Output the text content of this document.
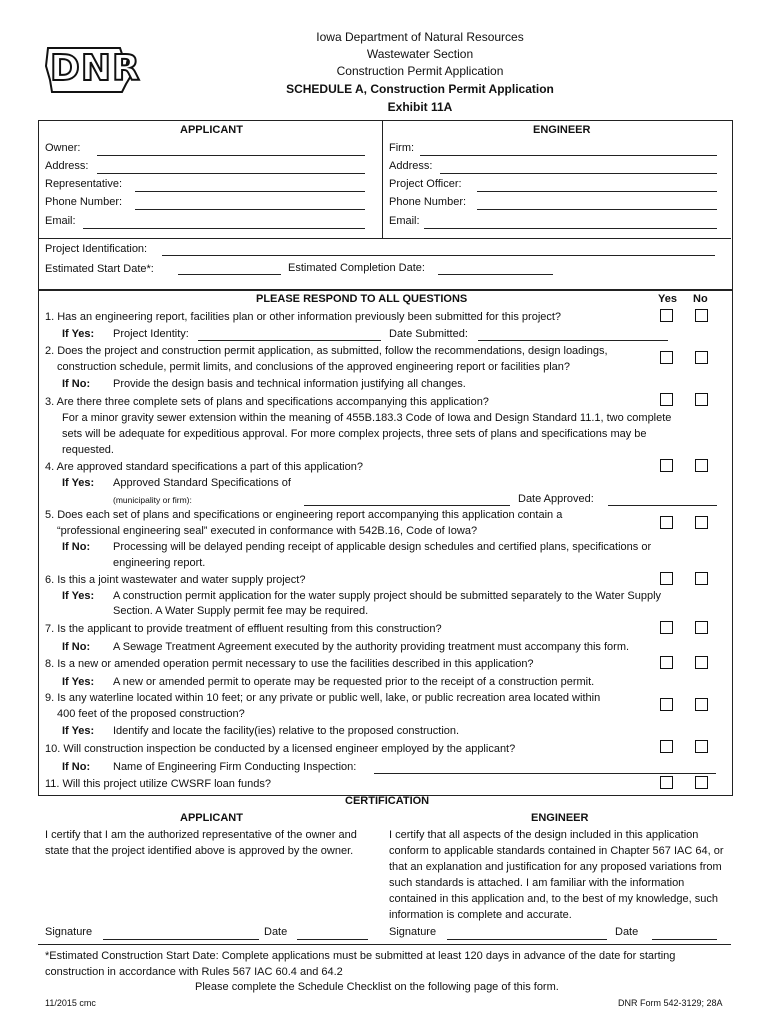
DNR
Iowa Department of Natural Resources
Wastewater Section
Construction Permit Application
SCHEDULE A, Construction Permit Application
Exhibit 11A
APPLICANT	ENGINEER
Owner:
Address:
Representative:
Phone Number:
Email:
Firm:
Address:
Project Officer:
Phone Number:
Email:
Project Identification:
Estimated Start Date*:	Estimated Completion Date:
PLEASE RESPOND TO ALL QUESTIONS	Yes No
1. Has an engineering report, facilities plan or other information previously been submitted for this project?
If Yes: Project Identity:	Date Submitted:
2. Does the project and construction permit application, as submitted, follow the recommendations, design loadings,
construction schedule, permit limits, and conclusions of the approved engineering report or facilities plan?
If No: Provide the design basis and technical information justifying all changes.
3. Are there three complete sets of plans and specifications accompanying this application?
For a minor gravity sewer extension within the meaning of 455B.183.3 Code of Iowa and Design Standard 11.1, two complete
sets will be adequate for expeditious approval. For more complex projects, three sets of plans and specifications may be
requested.
4. Are approved standard specifications a part of this application?
If Yes: Approved Standard Specifications of
(municipality or firm):	Date Approved:
5. Does each set of plans and specifications or engineering report accompanying this application contain a
“professional engineering seal” executed in conformance with 542B.16, Code of Iowa?
If No: Processing will be delayed pending receipt of applicable design schedules and certified plans, specifications or
engineering report.
6. Is this a joint wastewater and water supply project?
If Yes: A construction permit application for the water supply project should be submitted separately to the Water Supply
Section. A Water Supply permit fee may be required.
7. Is the applicant to provide treatment of effluent resulting from this construction?
If No: A Sewage Treatment Agreement executed by the authority providing treatment must accompany this form.
8. Is a new or amended operation permit necessary to use the facilities described in this application?
If Yes: A new or amended permit to operate may be requested prior to the receipt of a construction permit.
9. Is any waterline located within 10 feet; or any private or public well, lake, or public recreation area located within
400 feet of the proposed construction?
If Yes: Identify and locate the facility(ies) relative to the proposed construction.
10. Will construction inspection be conducted by a licensed engineer employed by the applicant?
If No: Name of Engineering Firm Conducting Inspection:
11. Will this project utilize CWSRF loan funds?
CERTIFICATION
APPLICANT	ENGINEER
I certify that I am the authorized representative of the owner and state that the project identified above is approved by the owner.
I certify that all aspects of the design included in this application conform to applicable standards contained in Chapter 567 IAC 64, or that an explanation and justification for any proposed variations from such standards is attached. I am familiar with the information contained in this application and, to the best of my knowledge, such information is complete and accurate.
Signature	Date	Signature	Date
*Estimated Construction Start Date: Complete applications must be submitted at least 120 days in advance of the date for starting
construction in accordance with Rules 567 IAC 60.4 and 64.2
Please complete the Schedule Checklist on the following page of this form.
11/2015 cmc	DNR Form 542-3129; 28A
